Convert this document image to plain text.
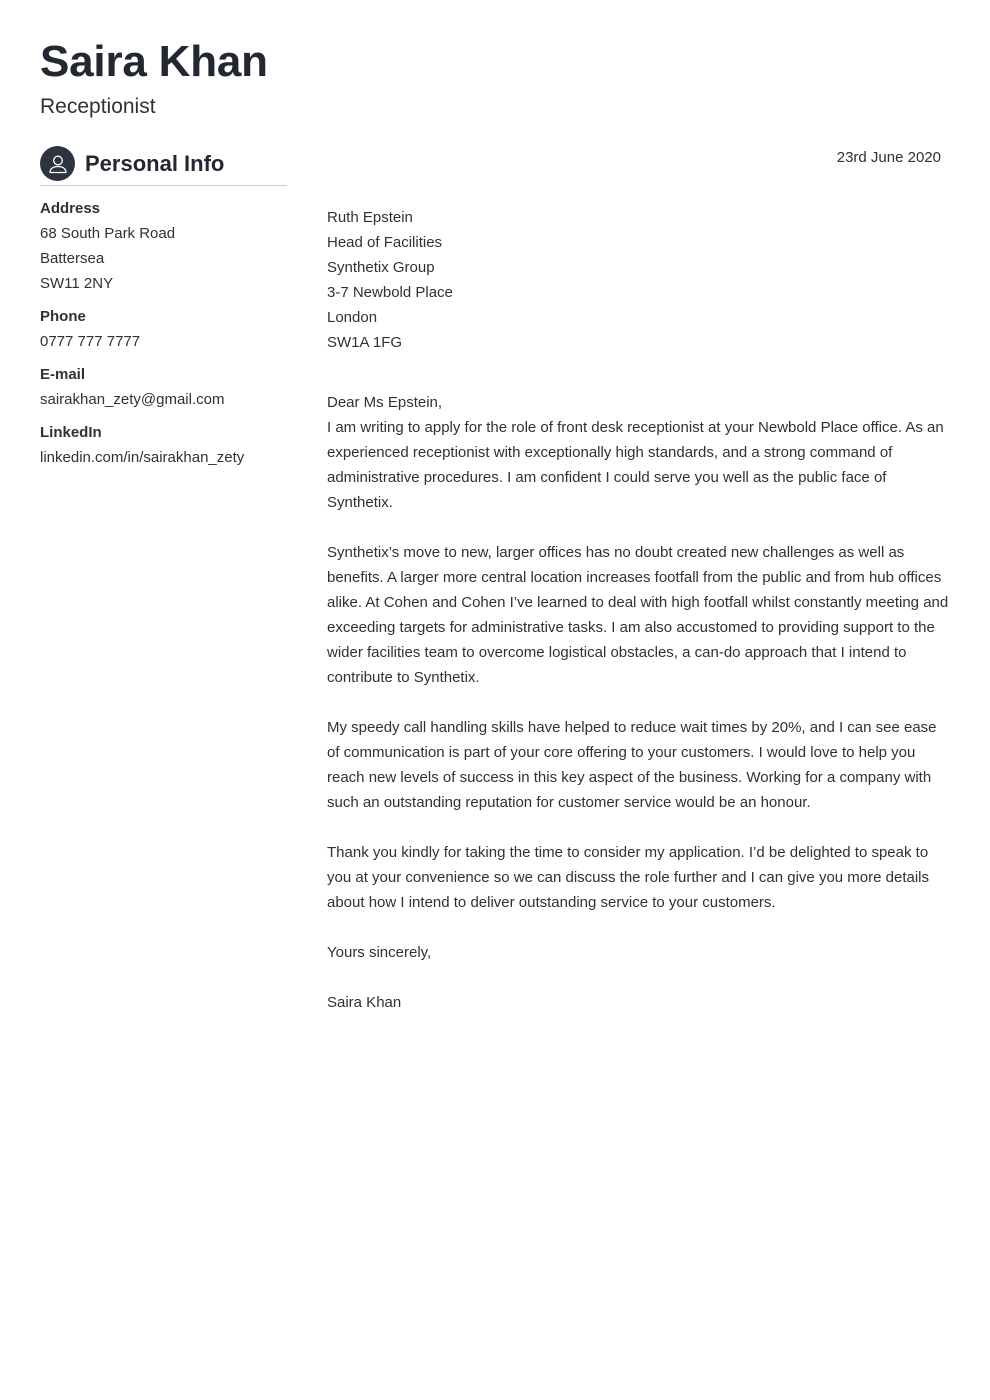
Saira Khan
Receptionist
Personal Info
Address
68 South Park Road
Battersea
SW11 2NY
Phone
0777 777 7777
E-mail
sairakhan_zety@gmail.com
LinkedIn
linkedin.com/in/sairakhan_zety
23rd June 2020
Ruth Epstein
Head of Facilities
Synthetix Group
3-7 Newbold Place
London
SW1A 1FG
Dear Ms Epstein,

I am writing to apply for the role of front desk receptionist at your Newbold Place office. As an experienced receptionist with exceptionally high standards, and a strong command of administrative procedures. I am confident I could serve you well as the public face of Synthetix.

Synthetix’s move to new, larger offices has no doubt created new challenges as well as benefits. A larger more central location increases footfall from the public and from hub offices alike. At Cohen and Cohen I’ve learned to deal with high footfall whilst constantly meeting and exceeding targets for administrative tasks. I am also accustomed to providing support to the wider facilities team to overcome logistical obstacles, a can-do approach that I intend to contribute to Synthetix.

My speedy call handling skills have helped to reduce wait times by 20%, and I can see ease of communication is part of your core offering to your customers. I would love to help you reach new levels of success in this key aspect of the business. Working for a company with such an outstanding reputation for customer service would be an honour.

Thank you kindly for taking the time to consider my application. I’d be delighted to speak to you at your convenience so we can discuss the role further and I can give you more details about how I intend to deliver outstanding service to your customers.

Yours sincerely,

Saira Khan
